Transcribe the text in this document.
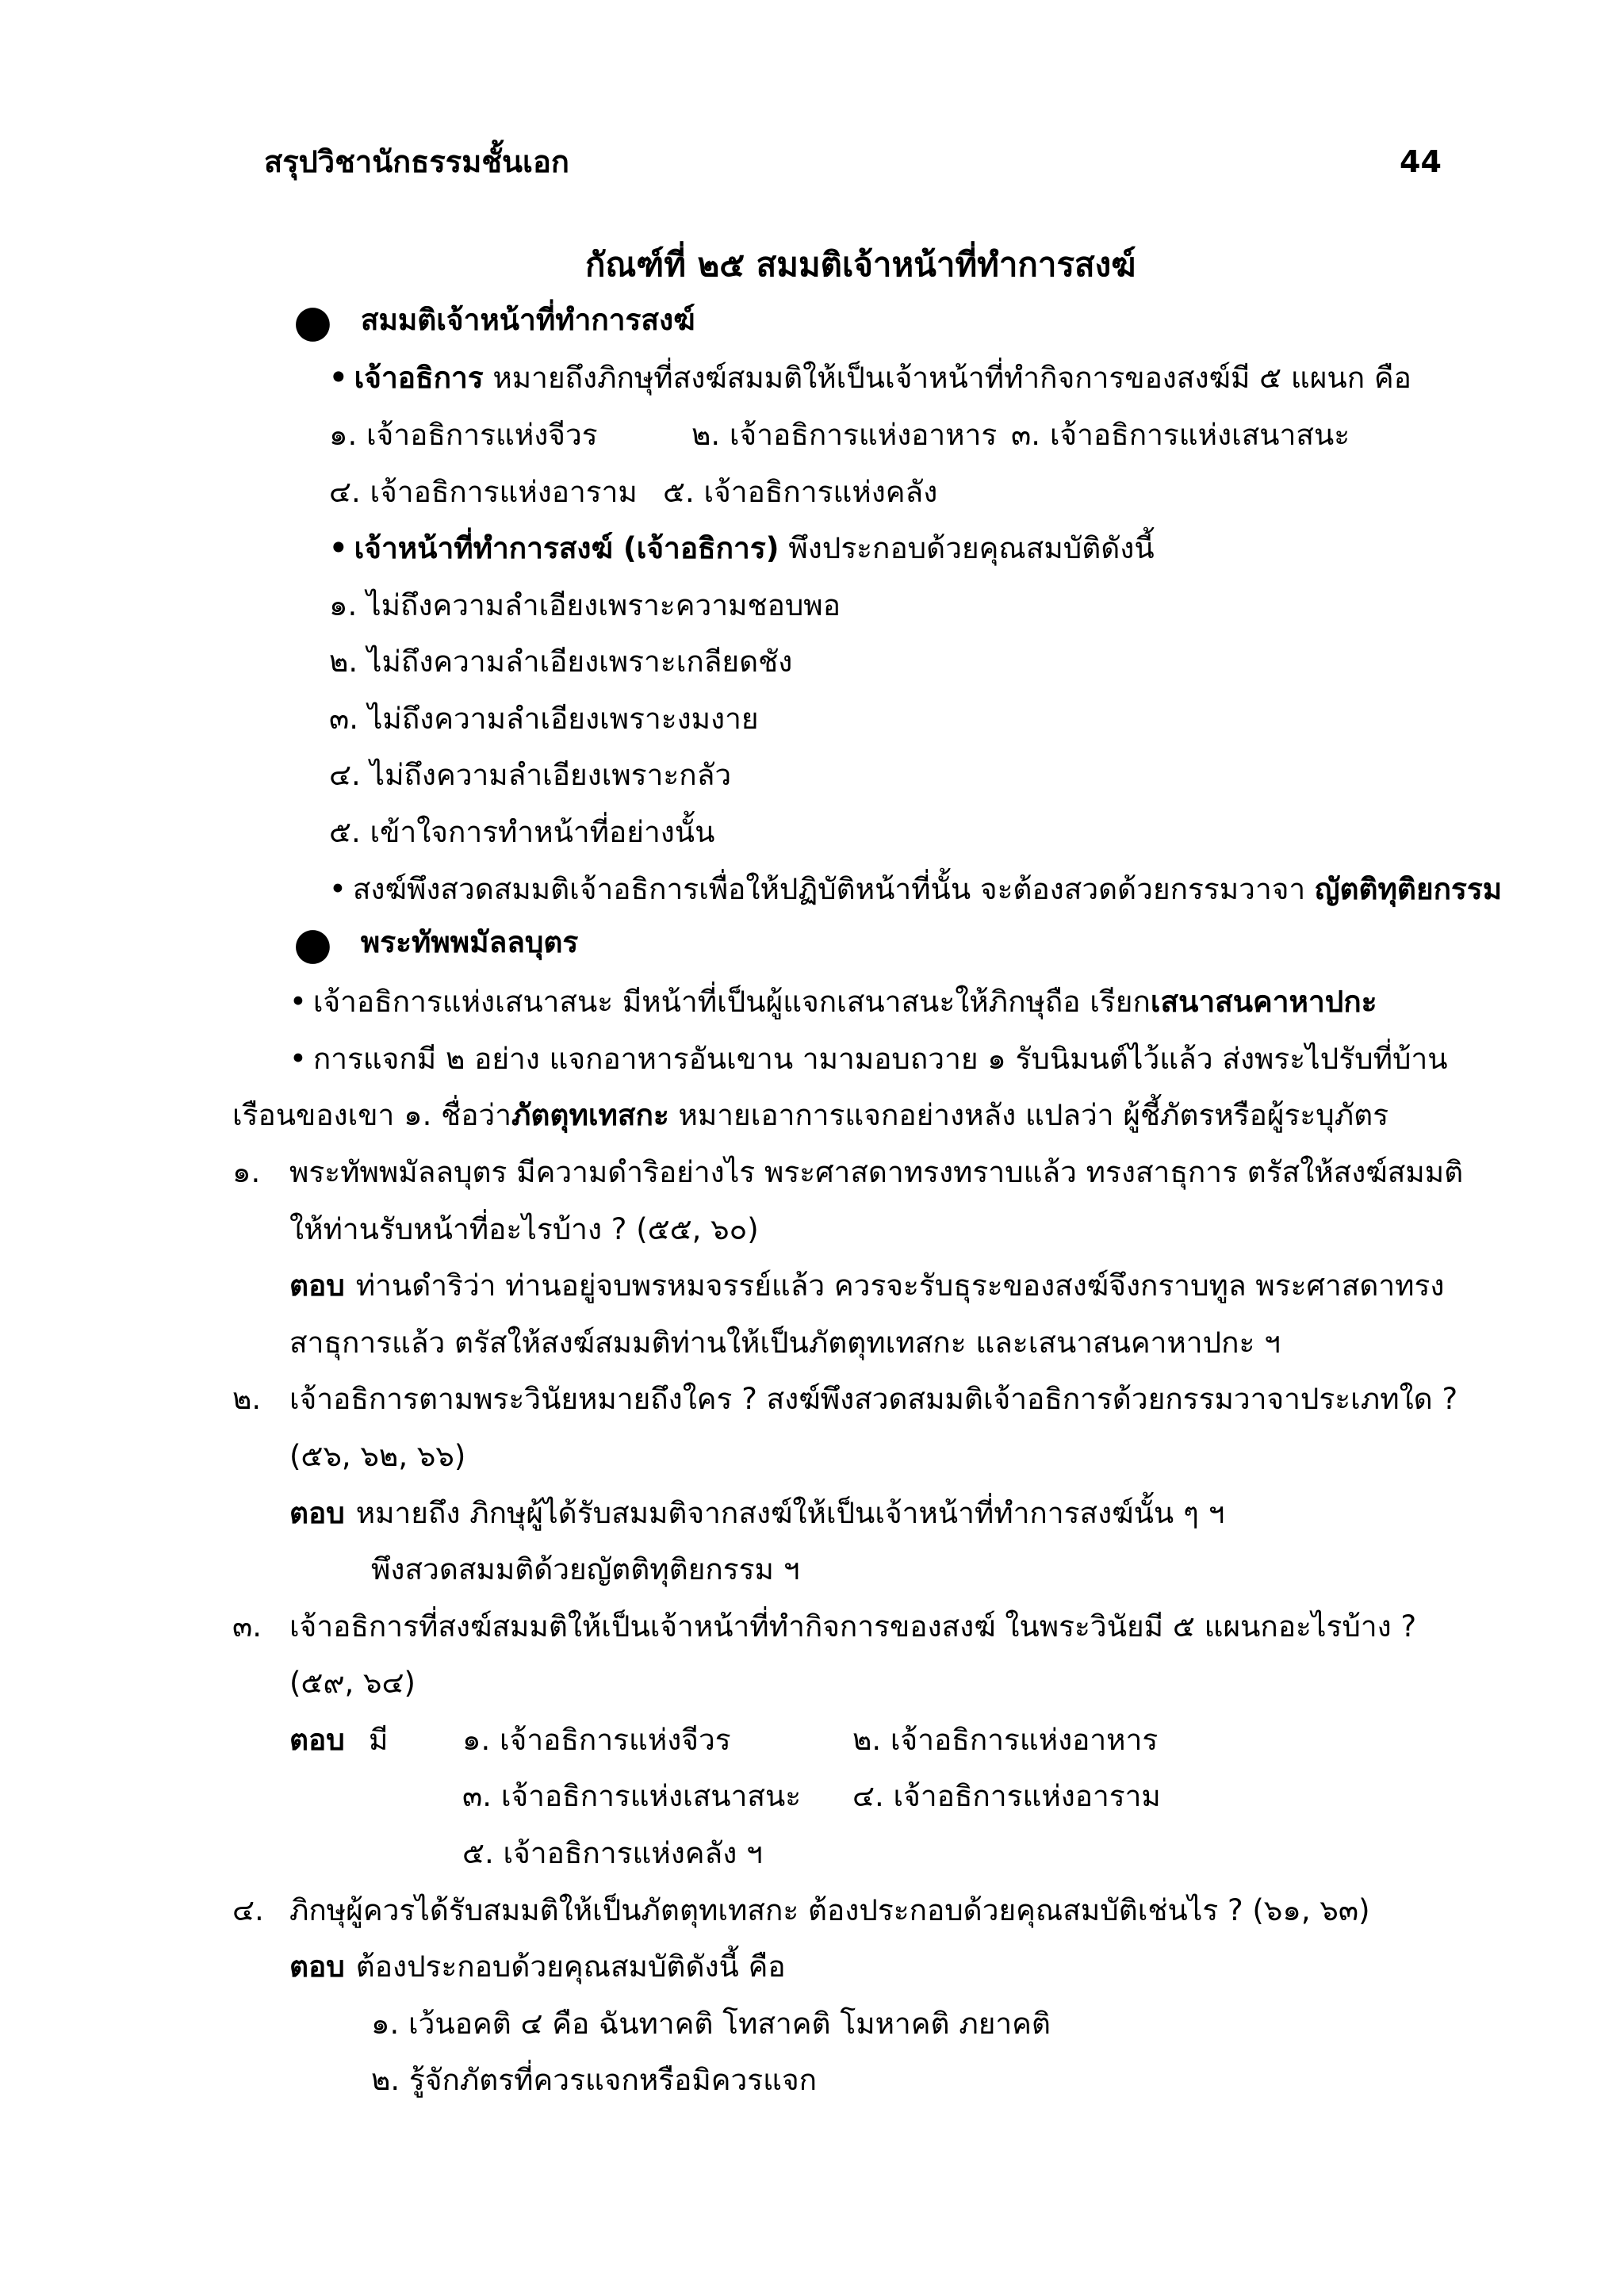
สรุปวิชานักธรรมชั้นเอก	44
กัณฑ์ที่ ๒๕ สมมติเจ้าหน้าที่ทำการสงฆ์
● สมมติเจ้าหน้าที่ทำการสงฆ์
• เจ้าอธิการ หมายถึงภิกษุที่สงฆ์สมมติให้เป็นเจ้าหน้าที่ทำกิจการของสงฆ์มี ๕ แผนก คือ
๑. เจ้าอธิการแห่งจีวร	๒. เจ้าอธิการแห่งอาหาร ๓. เจ้าอธิการแห่งเสนาสนะ
๔. เจ้าอธิการแห่งอาราม ๕. เจ้าอธิการแห่งคลัง
• เจ้าหน้าที่ทำการสงฆ์ (เจ้าอธิการ) พึงประกอบด้วยคุณสมบัติดังนี้
๑. ไม่ถึงความลำเอียงเพราะความชอบพอ
๒. ไม่ถึงความลำเอียงเพราะเกลียดชัง
๓. ไม่ถึงความลำเอียงเพราะงมงาย
๔. ไม่ถึงความลำเอียงเพราะกลัว
๕. เข้าใจการทำหน้าที่อย่างนั้น
• สงฆ์พึงสวดสมมติเจ้าอธิการเพื่อให้ปฏิบัติหน้าที่นั้น จะต้องสวดด้วยกรรมวาจา ญัตติทุติยกรรม
● พระทัพพมัลลบุตร
• เจ้าอธิการแห่งเสนาสนะ มีหน้าที่เป็นผู้แจกเสนาสนะให้ภิกษุถือ เรียกเสนาสนคาหาปกะ
• การแจกมี ๒ อย่าง แจกอาหารอันเขาน ามามอบถวาย ๑ รับนิมนต์ไว้แล้ว ส่งพระไปรับที่บ้าน
เรือนของเขา ๑. ชื่อว่าภัตตุทเทสกะ หมายเอาการแจกอย่างหลัง แปลว่า ผู้ชี้ภัตรหรือผู้ระบุภัตร
๑. พระทัพพมัลลบุตร มีความดำริอย่างไร พระศาสดาทรงทราบแล้ว ทรงสาธุการ ตรัสให้สงฆ์สมมติ
ให้ท่านรับหน้าที่อะไรบ้าง ? (๕๕, ๖๐)
ตอบ ท่านดำริว่า ท่านอยู่จบพรหมจรรย์แล้ว ควรจะรับธุระของสงฆ์จึงกราบทูล พระศาสดาทรง
สาธุการแล้ว ตรัสให้สงฆ์สมมติท่านให้เป็นภัตตุทเทสกะ และเสนาสนคาหาปกะ ฯ
๒. เจ้าอธิการตามพระวินัยหมายถึงใคร ? สงฆ์พึงสวดสมมติเจ้าอธิการด้วยกรรมวาจาประเภทใด ?
(๕๖, ๖๒, ๖๖)
ตอบ หมายถึง ภิกษุผู้ได้รับสมมติจากสงฆ์ให้เป็นเจ้าหน้าที่ทำการสงฆ์นั้น ๆ ฯ
พึงสวดสมมติด้วยญัตติทุติยกรรม ฯ
๓. เจ้าอธิการที่สงฆ์สมมติให้เป็นเจ้าหน้าที่ทำกิจการของสงฆ์ ในพระวินัยมี ๕ แผนกอะไรบ้าง ?
(๕๙, ๖๔)
ตอบ มี	๑. เจ้าอธิการแห่งจีวร	๒. เจ้าอธิการแห่งอาหาร
๓. เจ้าอธิการแห่งเสนาสนะ ๔. เจ้าอธิการแห่งอาราม
๕. เจ้าอธิการแห่งคลัง ฯ
๔. ภิกษุผู้ควรได้รับสมมติให้เป็นภัตตุทเทสกะ ต้องประกอบด้วยคุณสมบัติเช่นไร ? (๖๑, ๖๓)
ตอบ ต้องประกอบด้วยคุณสมบัติดังนี้ คือ
๑. เว้นอคติ ๔ คือ ฉันทาคติ โทสาคติ โมหาคติ ภยาคติ
๒. รู้จักภัตรที่ควรแจกหรือมิควรแจก
